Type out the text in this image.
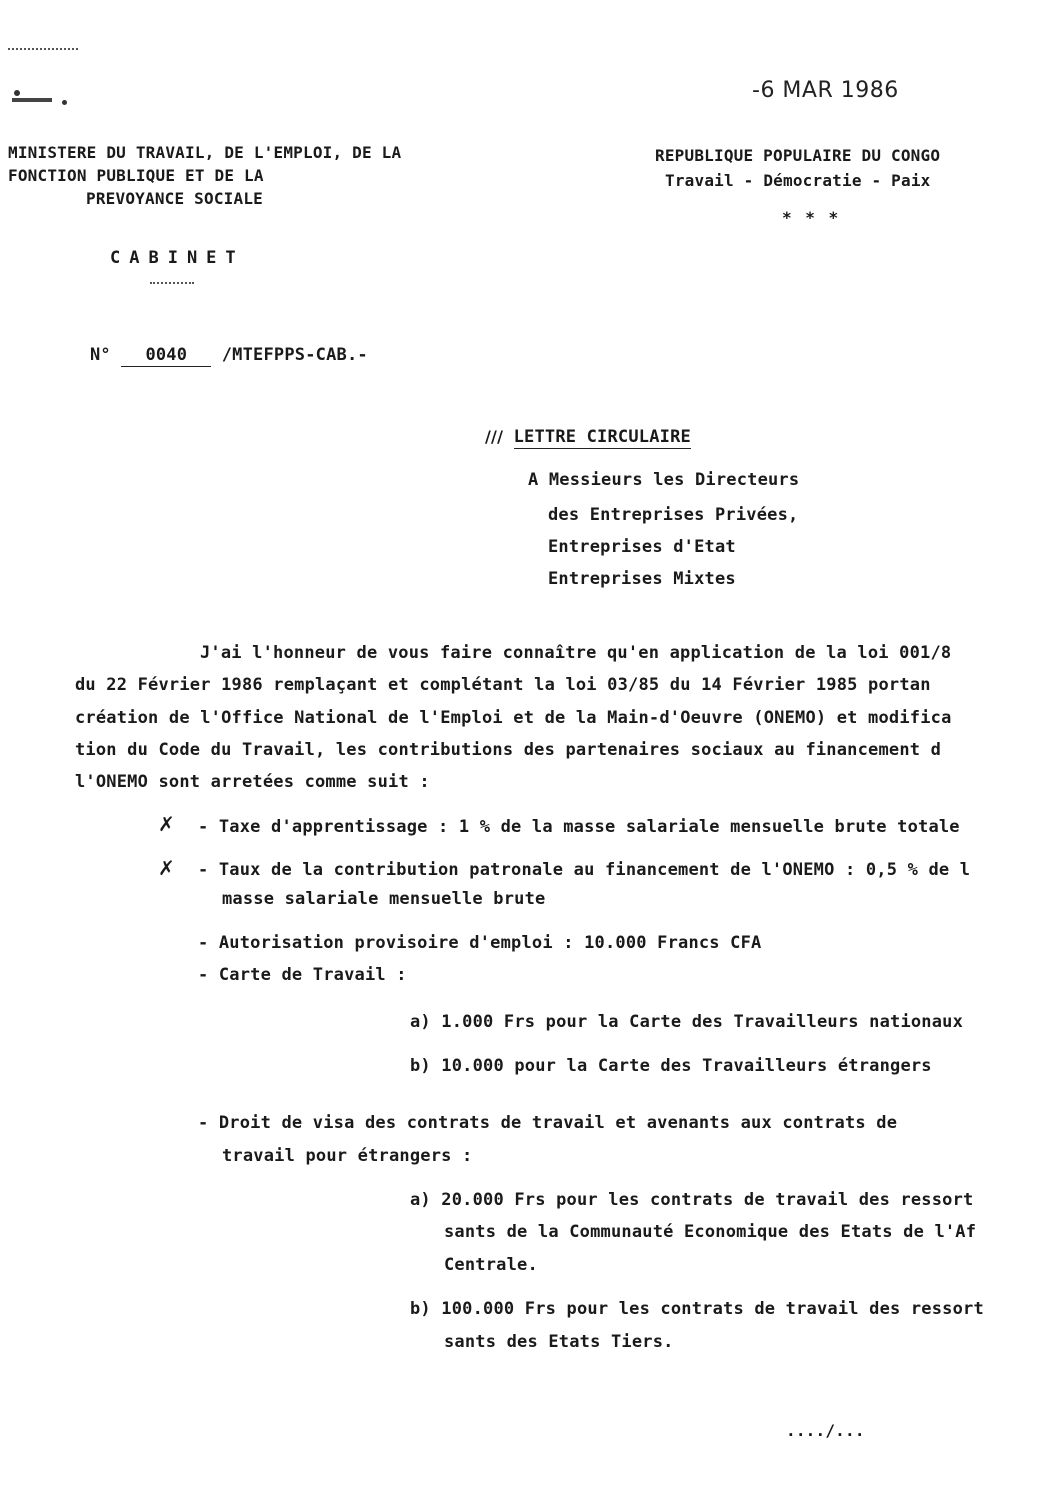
-6 MAR 1986
MINISTERE DU TRAVAIL, DE L'EMPLOI, DE LA
FONCTION PUBLIQUE ET DE LA
PREVOYANCE SOCIALE
CABINET
N° 0040 /MTEFPPS-CAB.-
REPUBLIQUE POPULAIRE DU CONGO
Travail - Démocratie - Paix
* * *
/// LETTRE CIRCULAIRE
A Messieurs les Directeurs
des Entreprises Privées,
Entreprises d'Etat
Entreprises Mixtes
J'ai l'honneur de vous faire connaître qu'en application de la loi 001/8
du 22 Février 1986 remplaçant et complétant la loi 03/85 du 14 Février 1985 portan
création de l'Office National de l'Emploi et de la Main-d'Oeuvre (ONEMO) et modifica
tion du Code du Travail, les contributions des partenaires sociaux au financement d
l'ONEMO sont arretées comme suit :
✗ - Taxe d'apprentissage : 1 % de la masse salariale mensuelle brute totale
✗ - Taux de la contribution patronale au financement de l'ONEMO : 0,5 % de l
masse salariale mensuelle brute
- Autorisation provisoire d'emploi : 10.000 Francs CFA
- Carte de Travail :
a) 1.000 Frs pour la Carte des Travailleurs nationaux
b) 10.000 pour la Carte des Travailleurs étrangers
- Droit de visa des contrats de travail et avenants aux contrats de
travail pour étrangers :
a) 20.000 Frs pour les contrats de travail des ressort
sants de la Communauté Economique des Etats de l'Af
Centrale.
b) 100.000 Frs pour les contrats de travail des ressort
sants des Etats Tiers.
..../...
